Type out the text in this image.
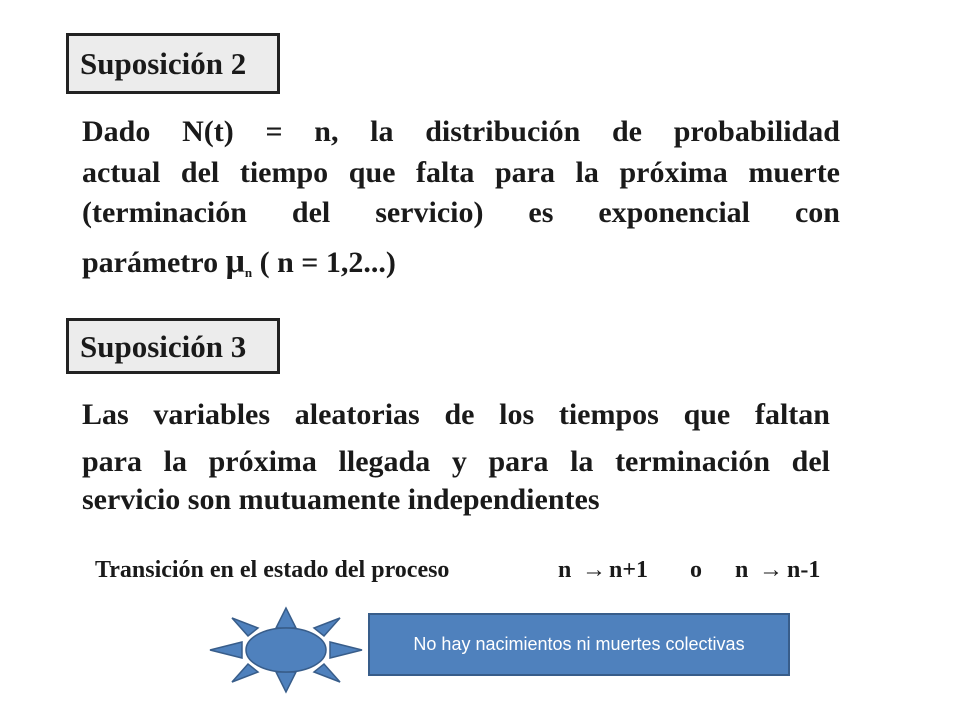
Suposición 2
Dado N(t) = n, la distribución de probabilidad
actual del tiempo que falta para la próxima muerte
(terminación del servicio) es exponencial con
parámetro $\mu_n$ ( n = 1,2...)
Suposición 3
Las variables aleatorias de los tiempos que faltan
para la próxima llegada y para la terminación del
servicio son mutuamente independientes
Transición en el estado del proceso	n → n+1 o n → n-1
No hay nacimientos ni muertes colectivas
